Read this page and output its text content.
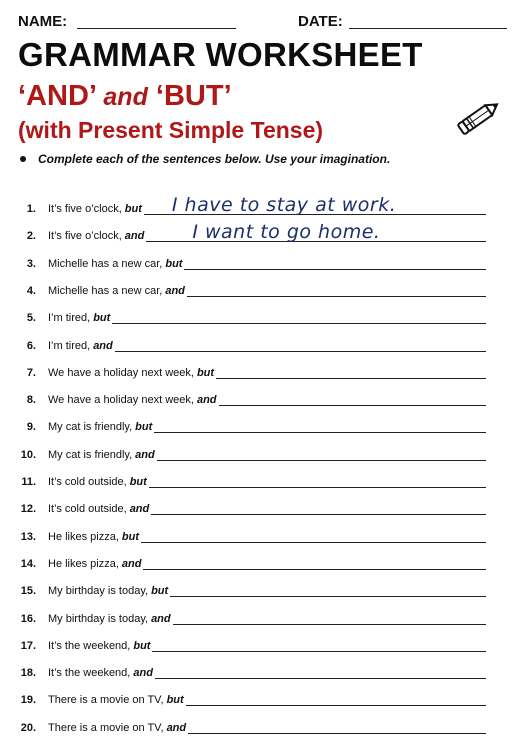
NAME:	DATE:
GRAMMAR WORKSHEET
‘AND’ and ‘BUT’
(with Present Simple Tense)
Complete each of the sentences below. Use your imagination.
1. It’s five o’clock, but I have to stay at work.
2. It’s five o’clock, and	I want to go home.
3. Michelle has a new car, but
4. Michelle has a new car, and
5. I’m tired, but
6. I’m tired, and
7. We have a holiday next week, but
8. We have a holiday next week, and
9. My cat is friendly, but
10. My cat is friendly, and
11. It’s cold outside, but
12. It’s cold outside, and
13. He likes pizza, but
14. He likes pizza, and
15. My birthday is today, but
16. My birthday is today, and
17. It’s the weekend, but
18. It’s the weekend, and
19. There is a movie on TV, but
20. There is a movie on TV, and
